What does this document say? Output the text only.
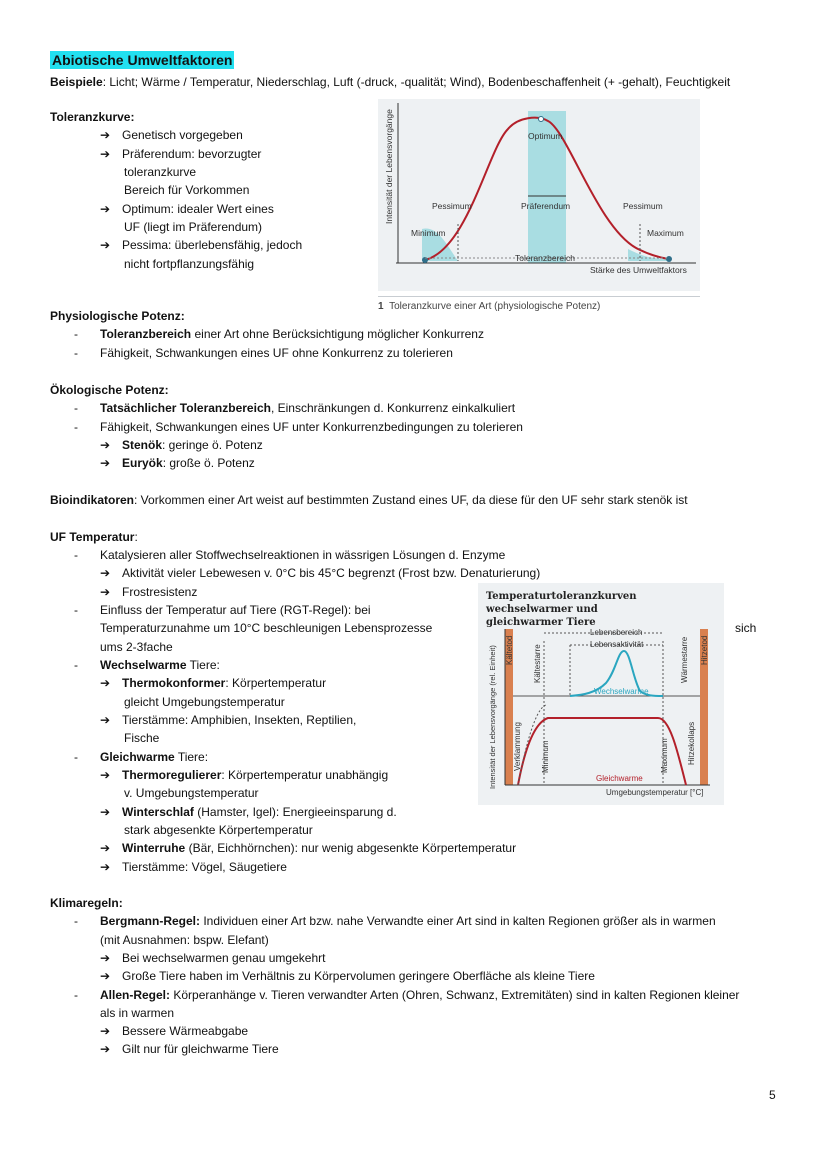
Abiotische Umweltfaktoren
Beispiele: Licht; Wärme / Temperatur, Niederschlag, Luft (-druck, -qualität; Wind), Bodenbeschaffenheit (+ -gehalt), Feuchtigkeit
Toleranzkurve:
➔ Genetisch vorgegeben
➔ Präferendum: bevorzugter
toleranzkurve
Bereich für Vorkommen
➔ Optimum: idealer Wert eines
UF (liegt im Präferendum)
➔ Pessima: überlebensfähig, jedoch
nicht fortpflanzungsfähig
Optimum
Pessimum	Pessimum
Präferendum
Minimum	Maximum
Toleranzbereich
Stärke des Umweltfaktors
Intensität der Lebensvorgänge
1 Toleranzkurve einer Art (physiologische Potenz)
Physiologische Potenz:
- Toleranzbereich einer Art ohne Berücksichtigung möglicher Konkurrenz
- Fähigkeit, Schwankungen eines UF ohne Konkurrenz zu tolerieren
Ökologische Potenz:
- Tatsächlicher Toleranzbereich, Einschränkungen d. Konkurrenz einkalkuliert
- Fähigkeit, Schwankungen eines UF unter Konkurrenzbedingungen zu tolerieren
➔ Stenök: geringe ö. Potenz
➔ Euryök: große ö. Potenz
Bioindikatoren: Vorkommen einer Art weist auf bestimmten Zustand eines UF, da diese für den UF sehr stark stenök ist
UF Temperatur:
- Katalysieren aller Stoffwechselreaktionen in wässrigen Lösungen d. Enzyme
➔ Aktivität vieler Lebewesen v. 0°C bis 45°C begrenzt (Frost bzw. Denaturierung)
➔ Frostresistenz
- Einfluss der Temperatur auf Tiere (RGT-Regel): bei
Temperaturzunahme um 10°C beschleunigen Lebensprozesse	sich
ums 2-3fache
- Wechselwarme Tiere:
➔ Thermokonformer: Körpertemperatur
gleicht Umgebungstemperatur
➔ Tierstämme: Amphibien, Insekten, Reptilien,
Fische
- Gleichwarme Tiere:
➔ Thermoregulierer: Körpertemperatur unabhängig
v. Umgebungstemperatur
➔ Winterschlaf (Hamster, Igel): Energieeinsparung d.
stark abgesenkte Körpertemperatur
➔ Winterruhe (Bär, Eichhörnchen): nur wenig abgesenkte Körpertemperatur
➔ Tierstämme: Vögel, Säugetiere
Temperaturtoleranzkurven wechselwarmer und
gleichwarmer Tiere
Lebensbereich
Lebensaktivität
Wechselwarme
Gleichwarme
Umgebungstemperatur [°C]
Kältetod	Hitzetod
Kältestarre	Wärmestarre
Verklammung Minimum	Maximum Hitzekollaps
Intensität der Lebensvorgänge (rel. Einheit)
Klimaregeln:
- Bergmann-Regel: Individuen einer Art bzw. nahe Verwandte einer Art sind in kalten Regionen größer als in warmen
(mit Ausnahmen: bspw. Elefant)
➔ Bei wechselwarmen genau umgekehrt
➔ Große Tiere haben im Verhältnis zu Körpervolumen geringere Oberfläche als kleine Tiere
- Allen-Regel: Körperanhänge v. Tieren verwandter Arten (Ohren, Schwanz, Extremitäten) sind in kalten Regionen kleiner
als in warmen
➔ Bessere Wärmeabgabe
➔ Gilt nur für gleichwarme Tiere
5
